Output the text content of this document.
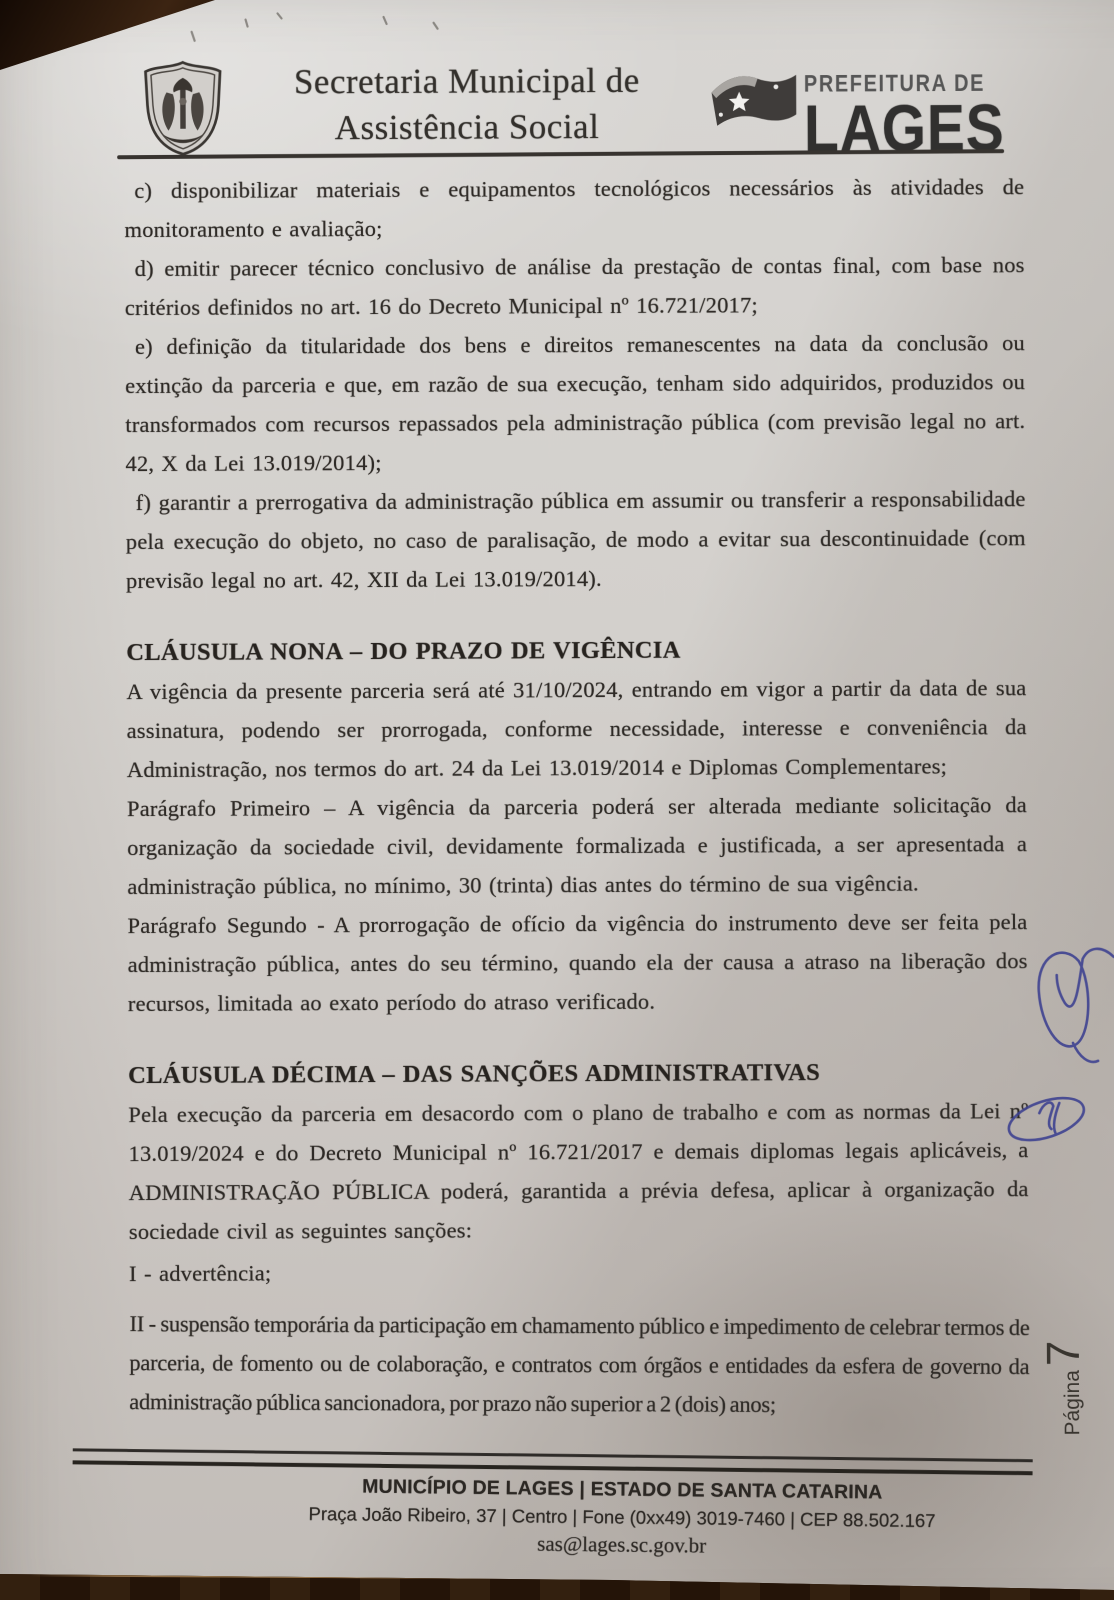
Secretaria Municipal de
Assistência Social
PREFEITURA DE
LAGES

c) disponibilizar materiais e equipamentos tecnológicos necessários às atividades de monitoramento e avaliação;

d) emitir parecer técnico conclusivo de análise da prestação de contas final, com base nos critérios definidos no art. 16 do Decreto Municipal nº 16.721/2017;

e) definição da titularidade dos bens e direitos remanescentes na data da conclusão ou extinção da parceria e que, em razão de sua execução, tenham sido adquiridos, produzidos ou transformados com recursos repassados pela administração pública (com previsão legal no art. 42, X da Lei 13.019/2014);

f) garantir a prerrogativa da administração pública em assumir ou transferir a responsabilidade pela execução do objeto, no caso de paralisação, de modo a evitar sua descontinuidade (com previsão legal no art. 42, XII da Lei 13.019/2014).

CLÁUSULA NONA – DO PRAZO DE VIGÊNCIA

A vigência da presente parceria será até 31/10/2024, entrando em vigor a partir da data de sua assinatura, podendo ser prorrogada, conforme necessidade, interesse e conveniência da Administração, nos termos do art. 24 da Lei 13.019/2014 e Diplomas Complementares;

Parágrafo Primeiro – A vigência da parceria poderá ser alterada mediante solicitação da organização da sociedade civil, devidamente formalizada e justificada, a ser apresentada a administração pública, no mínimo, 30 (trinta) dias antes do término de sua vigência.

Parágrafo Segundo - A prorrogação de ofício da vigência do instrumento deve ser feita pela administração pública, antes do seu término, quando ela der causa a atraso na liberação dos recursos, limitada ao exato período do atraso verificado.

CLÁUSULA DÉCIMA – DAS SANÇÕES ADMINISTRATIVAS

Pela execução da parceria em desacordo com o plano de trabalho e com as normas da Lei nº 13.019/2024 e do Decreto Municipal nº 16.721/2017 e demais diplomas legais aplicáveis, a ADMINISTRAÇÃO PÚBLICA poderá, garantida a prévia defesa, aplicar à organização da sociedade civil as seguintes sanções:

I - advertência;

II - suspensão temporária da participação em chamamento público e impedimento de celebrar termos de parceria, de fomento ou de colaboração, e contratos com órgãos e entidades da esfera de governo da administração pública sancionadora, por prazo não superior a 2 (dois) anos;	Página
7
MUNICÍPIO DE LAGES | ESTADO DE SANTA CATARINA
Praça João Ribeiro, 37 | Centro | Fone (0xx49) 3019-7460 | CEP 88.502.167
sas@lages.sc.gov.br
